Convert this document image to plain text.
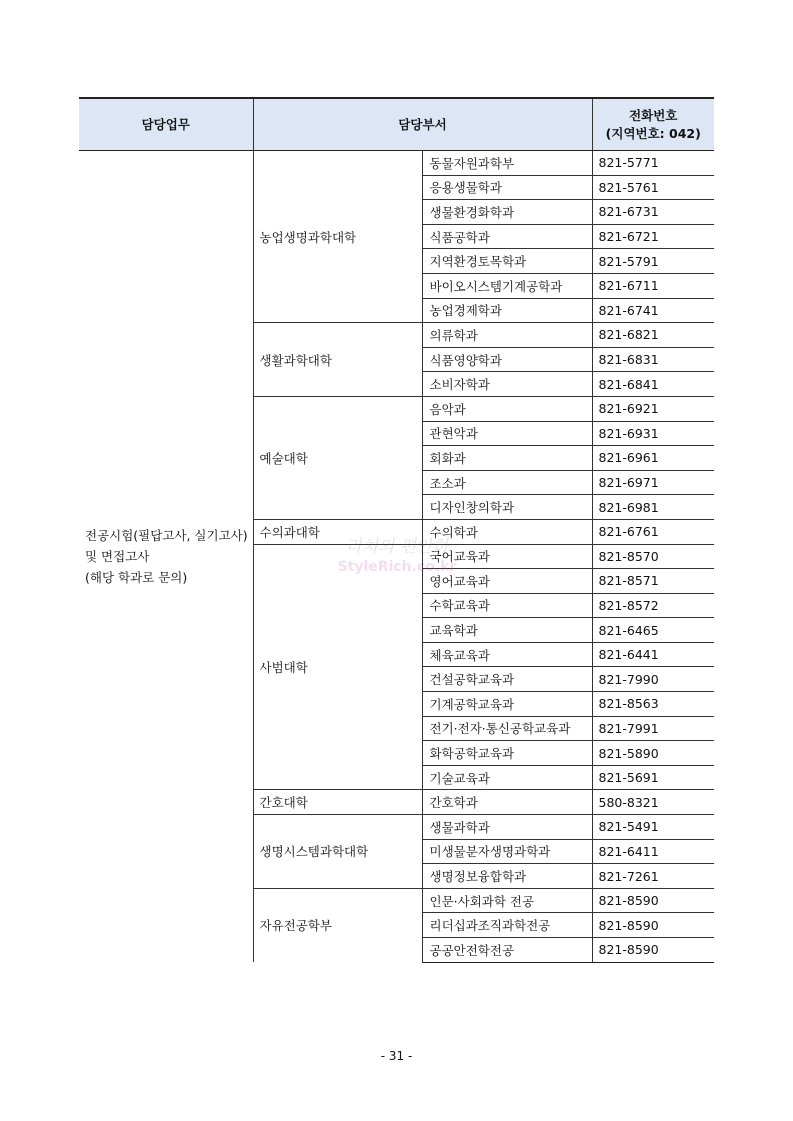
담당업무	담당부서		전화번호
(지역번호: 042)

전공시험(필답고사, 실기고사)
및 면접고사
(해당 학과로 문의)	농업생명과학대학	동물자원과학부	821-5771
		응용생물학과	821-5761
		생물환경화학과	821-6731
		식품공학과	821-6721
		지역환경토목학과	821-5791
		바이오시스템기계공학과	821-6711
		농업경제학과	821-6741
	생활과학대학	의류학과	821-6821
		식품영양학과	821-6831
		소비자학과	821-6841
	예술대학	음악과	821-6921
		관현악과	821-6931
		회화과	821-6961
		조소과	821-6971
		디자인창의학과	821-6981
	수의과대학	수의학과	821-6761
	사범대학	국어교육과	821-8570
		영어교육과	821-8571
		수학교육과	821-8572
		교육학과	821-6465
		체육교육과	821-6441
		건설공학교육과	821-7990
		기계공학교육과	821-8563
		전기·전자·통신공학교육과	821-7991
		화학공학교육과	821-5890
		기술교육과	821-5691
	간호대학	간호학과	580-8321
	생명시스템과학대학	생물과학과	821-5491
		미생물분자생명과학과	821-6411
		생명정보융합학과	821-7261
	자유전공학부	인문·사회과학 전공	821-8590
		리더십과조직과학전공	821-8590
		공공안전학전공	821-8590
리치의 편안하
StyleRich.co.kr
- 31 -
